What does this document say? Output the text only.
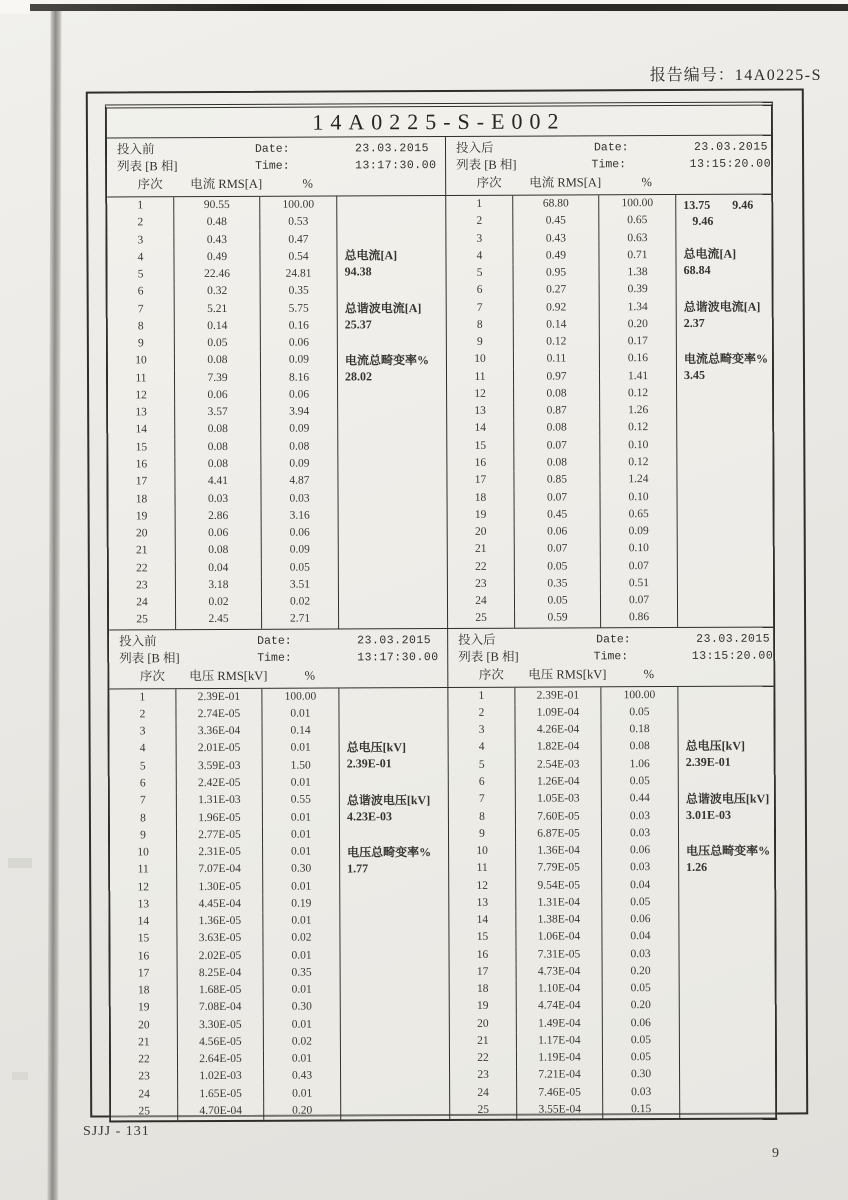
报告编号：14A0225-S
14A0225-S-E002
投入前	Date:	23.03.2015
列表 [B 相]	Time:	13:17:30.00
序次	电流 RMS[A]	%
投入后	Date:	23.03.2015
列表 [B 相]	Time:	13:15:20.00
序次	电流 RMS[A]	%
1	90.55	100.00
2	0.48	0.53
3	0.43	0.47
4	0.49	0.54
5	22.46	24.81
6	0.32	0.35
7	5.21	5.75
8	0.14	0.16
9	0.05	0.06
10	0.08	0.09
11	7.39	8.16
12	0.06	0.06
13	3.57	3.94
14	0.08	0.09
15	0.08	0.08
16	0.08	0.09
17	4.41	4.87
18	0.03	0.03
19	2.86	3.16
20	0.06	0.06
21	0.08	0.09
22	0.04	0.05
23	3.18	3.51
24	0.02	0.02
25	2.45	2.71
总电流[A]
94.38
总谐波电流[A]
25.37
电流总畸变率%
28.02
1	68.80	100.00
2	0.45	0.65
3	0.43	0.63
4	0.49	0.71
5	0.95	1.38
6	0.27	0.39
7	0.92	1.34
8	0.14	0.20
9	0.12	0.17
10	0.11	0.16
11	0.97	1.41
12	0.08	0.12
13	0.87	1.26
14	0.08	0.12
15	0.07	0.10
16	0.08	0.12
17	0.85	1.24
18	0.07	0.10
19	0.45	0.65
20	0.06	0.09
21	0.07	0.10
22	0.05	0.07
23	0.35	0.51
24	0.05	0.07
25	0.59	0.86
13.75 9.46
9.46
总电流[A]
68.84
总谐波电流[A]
2.37
电流总畸变率%
3.45
投入前	Date:	23.03.2015
列表 [B 相]	Time:	13:17:30.00
序次	电压 RMS[kV]	%
投入后	Date:	23.03.2015
列表 [B 相]	Time:	13:15:20.00
序次	电压 RMS[kV]	%
1	2.39E-01	100.00
2	2.74E-05	0.01
3	3.36E-04	0.14
4	2.01E-05	0.01
5	3.59E-03	1.50
6	2.42E-05	0.01
7	1.31E-03	0.55
8	1.96E-05	0.01
9	2.77E-05	0.01
10	2.31E-05	0.01
11	7.07E-04	0.30
12	1.30E-05	0.01
13	4.45E-04	0.19
14	1.36E-05	0.01
15	3.63E-05	0.02
16	2.02E-05	0.01
17	8.25E-04	0.35
18	1.68E-05	0.01
19	7.08E-04	0.30
20	3.30E-05	0.01
21	4.56E-05	0.02
22	2.64E-05	0.01
23	1.02E-03	0.43
24	1.65E-05	0.01
25	4.70E-04	0.20
总电压[kV]
2.39E-01
总谐波电压[kV]
4.23E-03
电压总畸变率%
1.77
1	2.39E-01	100.00
2	1.09E-04	0.05
3	4.26E-04	0.18
4	1.82E-04	0.08
5	2.54E-03	1.06
6	1.26E-04	0.05
7	1.05E-03	0.44
8	7.60E-05	0.03
9	6.87E-05	0.03
10	1.36E-04	0.06
11	7.79E-05	0.03
12	9.54E-05	0.04
13	1.31E-04	0.05
14	1.38E-04	0.06
15	1.06E-04	0.04
16	7.31E-05	0.03
17	4.73E-04	0.20
18	1.10E-04	0.05
19	4.74E-04	0.20
20	1.49E-04	0.06
21	1.17E-04	0.05
22	1.19E-04	0.05
23	7.21E-04	0.30
24	7.46E-05	0.03
25	3.55E-04	0.15
总电压[kV]
2.39E-01
总谐波电压[kV]
3.01E-03
电压总畸变率%
1.26
SJJJ - 131
9
